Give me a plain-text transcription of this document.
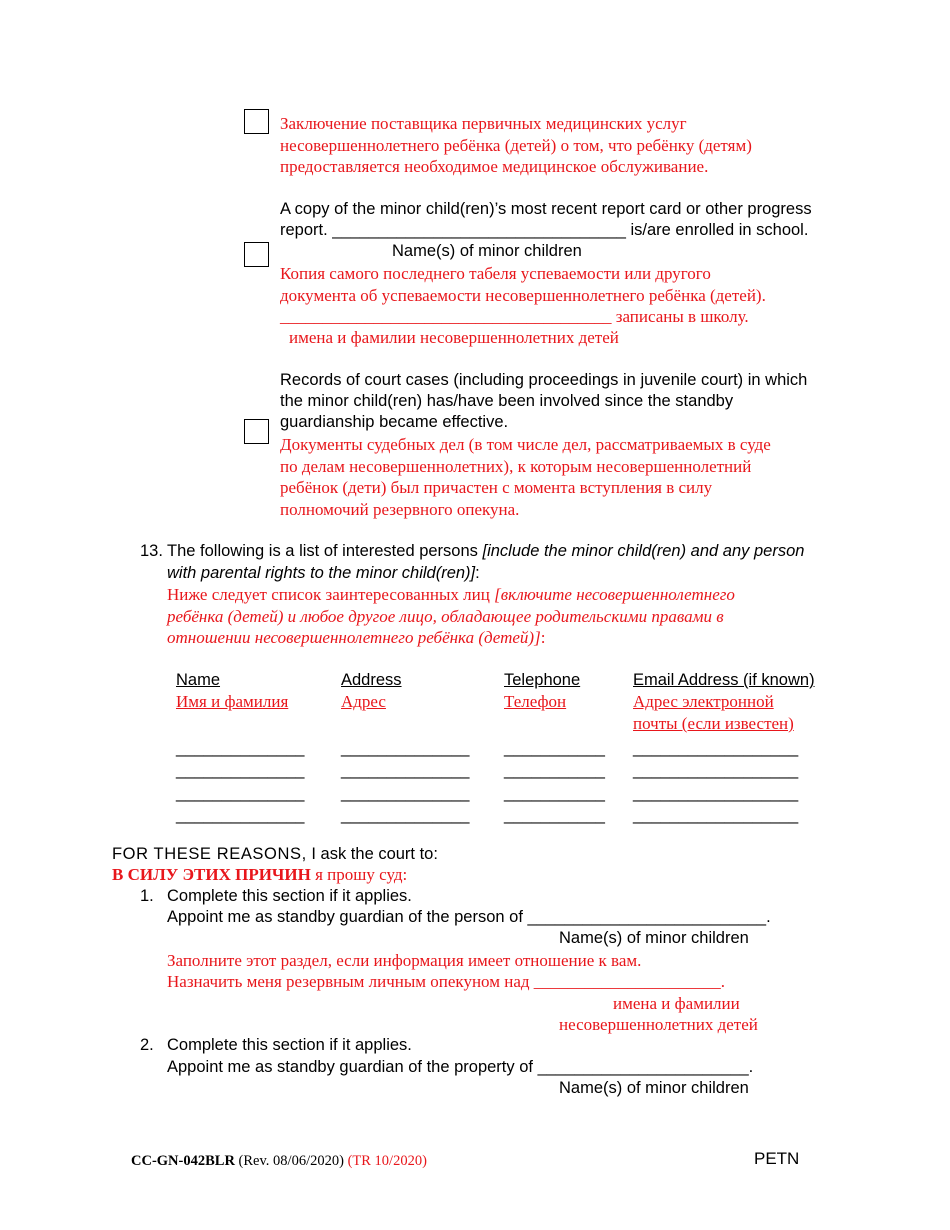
Заключение поставщика первичных медицинских услуг
несовершеннолетнего ребёнка (детей) о том, что ребёнку (детям)
предоставляется необходимое медицинское обслуживание.
A copy of the minor child(ren)’s most recent report card or other progress
report. ________________________________ is/are enrolled in school.
Name(s) of minor children
Копия самого последнего табеля успеваемости или другого
документа об успеваемости несовершеннолетнего ребёнка (детей).
_______________________________________ записаны в школу.
имена и фамилии несовершеннолетних детей
Records of court cases (including proceedings in juvenile court) in which
the minor child(ren) has/have been involved since the standby
guardianship became effective.
Документы судебных дел (в том числе дел, рассматриваемых в суде
по делам несовершеннолетних), к которым несовершеннолетний
ребёнок (дети) был причастен с момента вступления в силу
полномочий резервного опекуна.
13. The following is a list of interested persons [include the minor child(ren) and any person
with parental rights to the minor child(ren)]:
Ниже следует список заинтересованных лиц [включите несовершеннолетнего
ребёнка (детей) и любое другое лицо, обладающее родительскими правами в
отношении несовершеннолетнего ребёнка (детей)]:
Name	Address	Telephone	Email Address (if known)
Имя и фамилия	Адрес	Телефон	Адрес электронной
почты (если известен)
______________ ______________ ___________ __________________
______________ ______________ ___________ __________________
______________ ______________ ___________ __________________
______________ ______________ ___________ __________________
FOR THESE REASONS, I ask the court to:
В СИЛУ ЭТИХ ПРИЧИН я прошу суд:
1. Complete this section if it applies.
Appoint me as standby guardian of the person of __________________________.
Name(s) of minor children
Заполните этот раздел, если информация имеет отношение к вам.
Назначить меня резервным личным опекуном над ______________________.
имена и фамилии
несовершеннолетних детей
2. Complete this section if it applies.
Appoint me as standby guardian of the property of _______________________.
Name(s) of minor children
CC-GN-042BLR (Rev. 08/06/2020) (TR 10/2020)	PETN
